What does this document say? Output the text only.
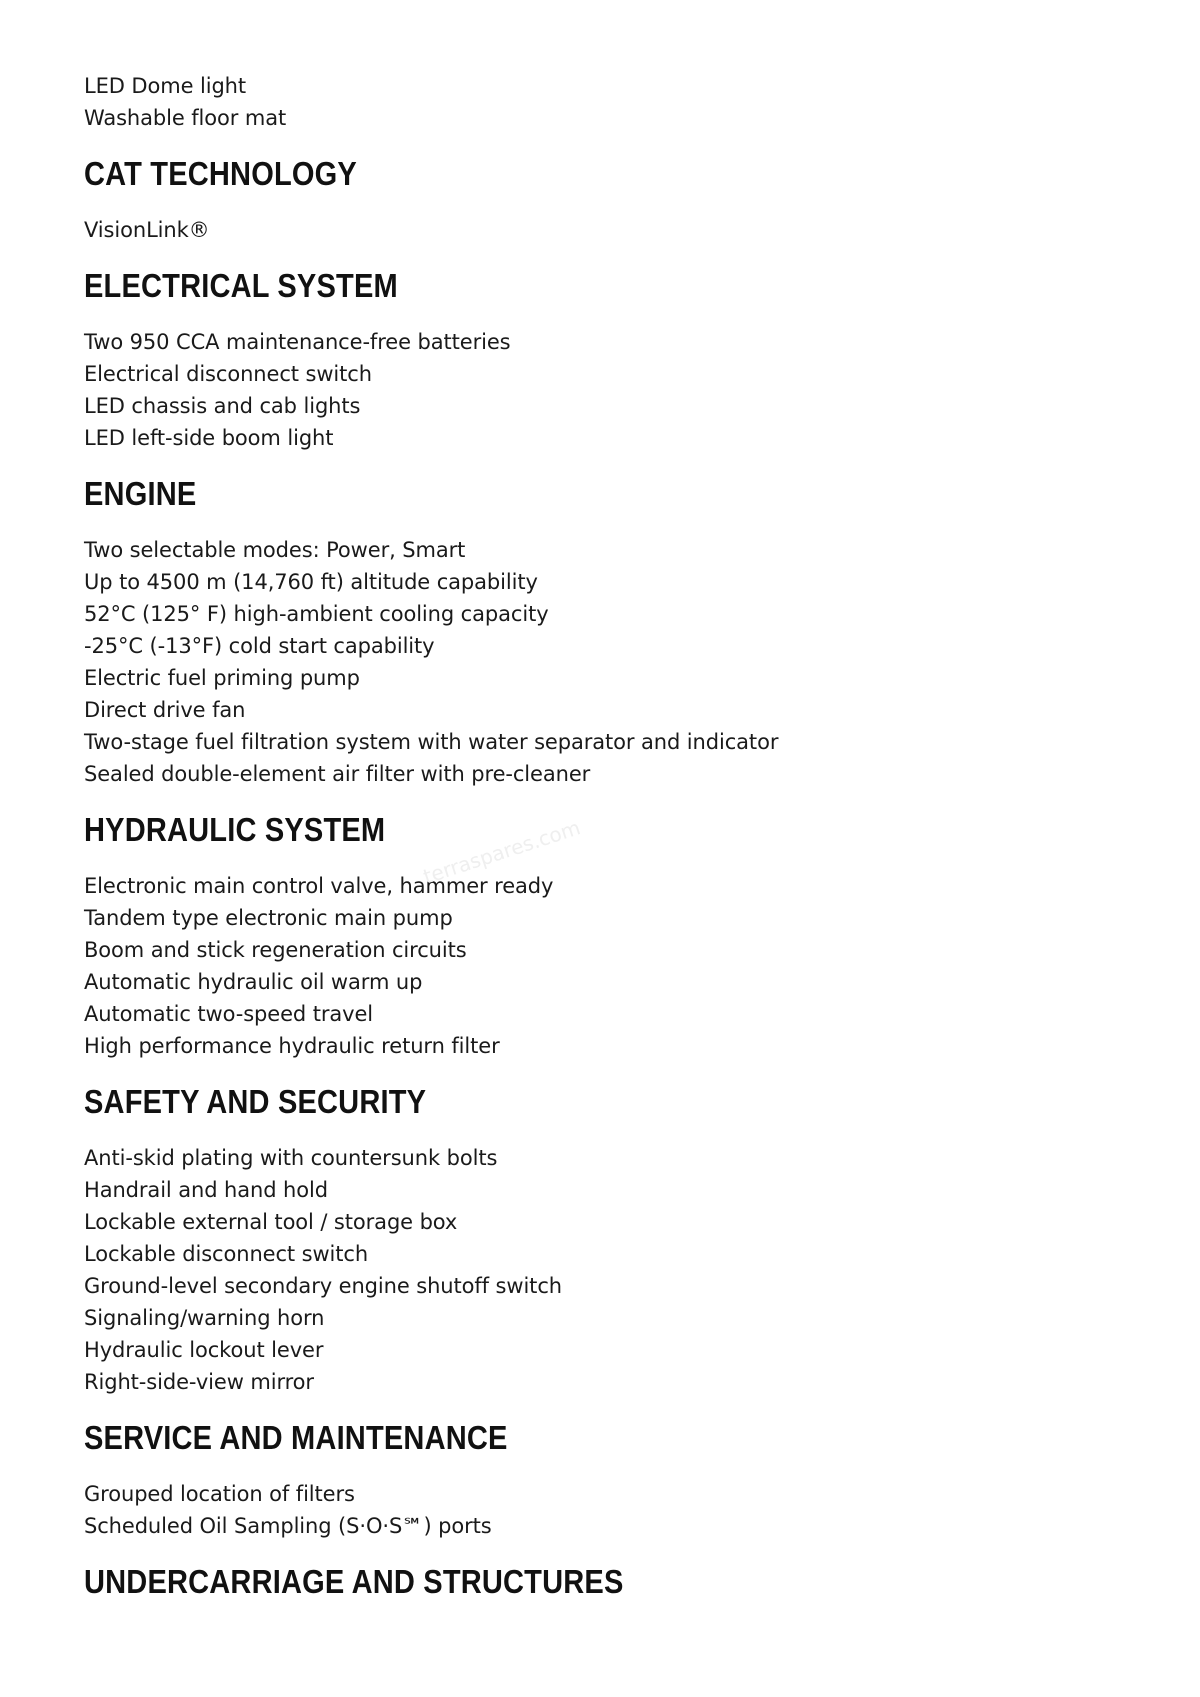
LED Dome light
Washable floor mat
CAT TECHNOLOGY
VisionLink®
ELECTRICAL SYSTEM
Two 950 CCA maintenance-free batteries
Electrical disconnect switch
LED chassis and cab lights
LED left-side boom light
ENGINE
Two selectable modes: Power, Smart
Up to 4500 m (14,760 ft) altitude capability
52°C (125° F) high-ambient cooling capacity
-25°C (-13°F) cold start capability
Electric fuel priming pump
Direct drive fan
Two-stage fuel filtration system with water separator and indicator
Sealed double-element air filter with pre-cleaner
HYDRAULIC SYSTEM
Electronic main control valve, hammer ready
Tandem type electronic main pump
Boom and stick regeneration circuits
Automatic hydraulic oil warm up
Automatic two-speed travel
High performance hydraulic return filter
SAFETY AND SECURITY
Anti-skid plating with countersunk bolts
Handrail and hand hold
Lockable external tool / storage box
Lockable disconnect switch
Ground-level secondary engine shutoff switch
Signaling/warning horn
Hydraulic lockout lever
Right-side-view mirror
SERVICE AND MAINTENANCE
Grouped location of filters
Scheduled Oil Sampling (S·O·S℠) ports
UNDERCARRIAGE AND STRUCTURES
terraspares.com
